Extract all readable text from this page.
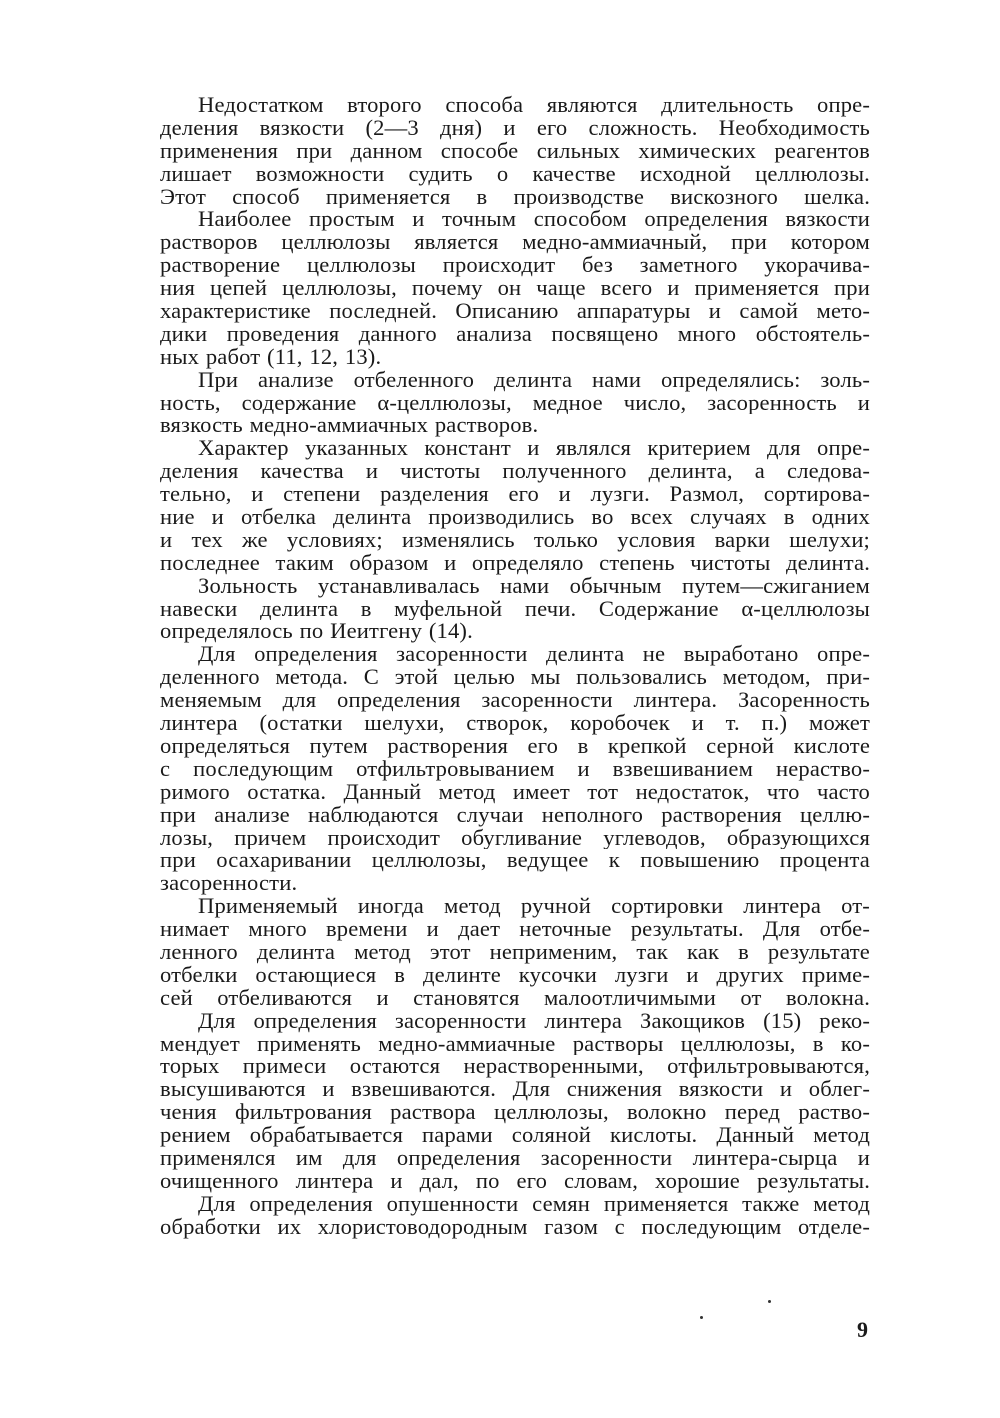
Недостатком второго способа являются длительность опре-
деления вязкости (2—3 дня) и его сложность. Необходимость
применения при данном способе сильных химических реагентов
лишает возможности судить о качестве исходной целлюлозы.
Этот способ применяется в производстве вискозного шелка.
Наиболее простым и точным способом определения вязкости
растворов целлюлозы является медно-аммиачный, при котором
растворение целлюлозы происходит без заметного укорачива-
ния цепей целлюлозы, почему он чаще всего и применяется при
характеристике последней. Описанию аппаратуры и самой мето-
дики проведения данного анализа посвящено много обстоятель-
ных работ (11, 12, 13).
При анализе отбеленного делинта нами определялись: золь-
ность, содержание α-целлюлозы, медное число, засоренность и
вязкость медно-аммиачных растворов.
Характер указанных констант и являлся критерием для опре-
деления качества и чистоты полученного делинта, а следова-
тельно, и степени разделения его и лузги. Размол, сортирова-
ние и отбелка делинта производились во всех случаях в одних
и тех же условиях; изменялись только условия варки шелухи;
последнее таким образом и определяло степень чистоты делинта.
Зольность устанавливалась нами обычным путем—сжиганием
навески делинта в муфельной печи. Содержание α-целлюлозы
определялось по Иеитгену (14).
Для определения засоренности делинта не выработано опре-
деленного метода. С этой целью мы пользовались методом, при-
меняемым для определения засоренности линтера. Засоренность
линтера (остатки шелухи, створок, коробочек и т. п.) может
определяться путем растворения его в крепкой серной кислоте
с последующим отфильтровыванием и взвешиванием нераство-
римого остатка. Данный метод имеет тот недостаток, что часто
при анализе наблюдаются случаи неполного растворения целлю-
лозы, причем происходит обугливание углеводов, образующихся
при осахаривании целлюлозы, ведущее к повышению процента
засоренности.
Применяемый иногда метод ручной сортировки линтера от-
нимает много времени и дает неточные результаты. Для отбе-
ленного делинта метод этот неприменим, так как в результате
отбелки остающиеся в делинте кусочки лузги и других приме-
сей отбеливаются и становятся малоотличимыми от волокна.
Для определения засоренности линтера Закощиков (15) реко-
мендует применять медно-аммиачные растворы целлюлозы, в ко-
торых примеси остаются нерастворенными, отфильтровываются,
высушиваются и взвешиваются. Для снижения вязкости и облег-
чения фильтрования раствора целлюлозы, волокно перед раство-
рением обрабатывается парами соляной кислоты. Данный метод
применялся им для определения засоренности линтера-сырца и
очищенного линтера и дал, по его словам, хорошие результаты.
Для определения опушенности семян применяется также метод
обработки их хлористоводородным газом с последующим отделе-
9
